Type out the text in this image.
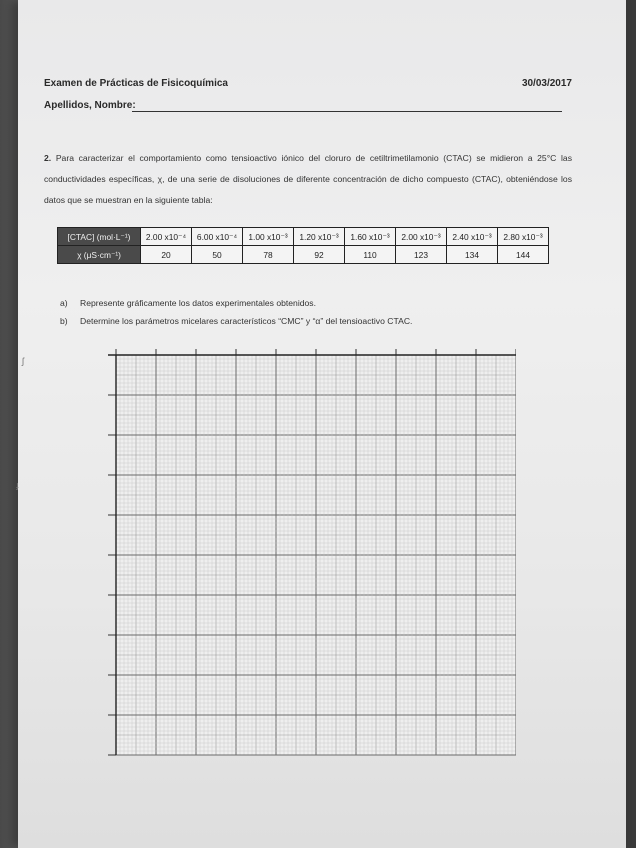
Examen de Prácticas de Fisicoquímica	30/03/2017
Apellidos, Nombre:
2. Para caracterizar el comportamiento como tensioactivo iónico del cloruro de cetiltrimetilamonio (CTAC) se midieron a 25°C las conductividades específicas, χ, de una serie de disoluciones de diferente concentración de dicho compuesto (CTAC), obteniéndose los datos que se muestran en la siguiente tabla:
[CTAC] (mol·L⁻¹)	2.00 x10⁻⁴	6.00 x10⁻⁴	1.00 x10⁻³	1.20 x10⁻³	1.60 x10⁻³	2.00 x10⁻³	2.40 x10⁻³	2.80 x10⁻³
χ (μS·cm⁻¹)	20	50	78	92	110	123	134	144
a)	Represente gráficamente los datos experimentales obtenidos.
b)	Determine los parámetros micelares característicos “CMC” y “α” del tensioactivo CTAC.
ʃ
ɟ
